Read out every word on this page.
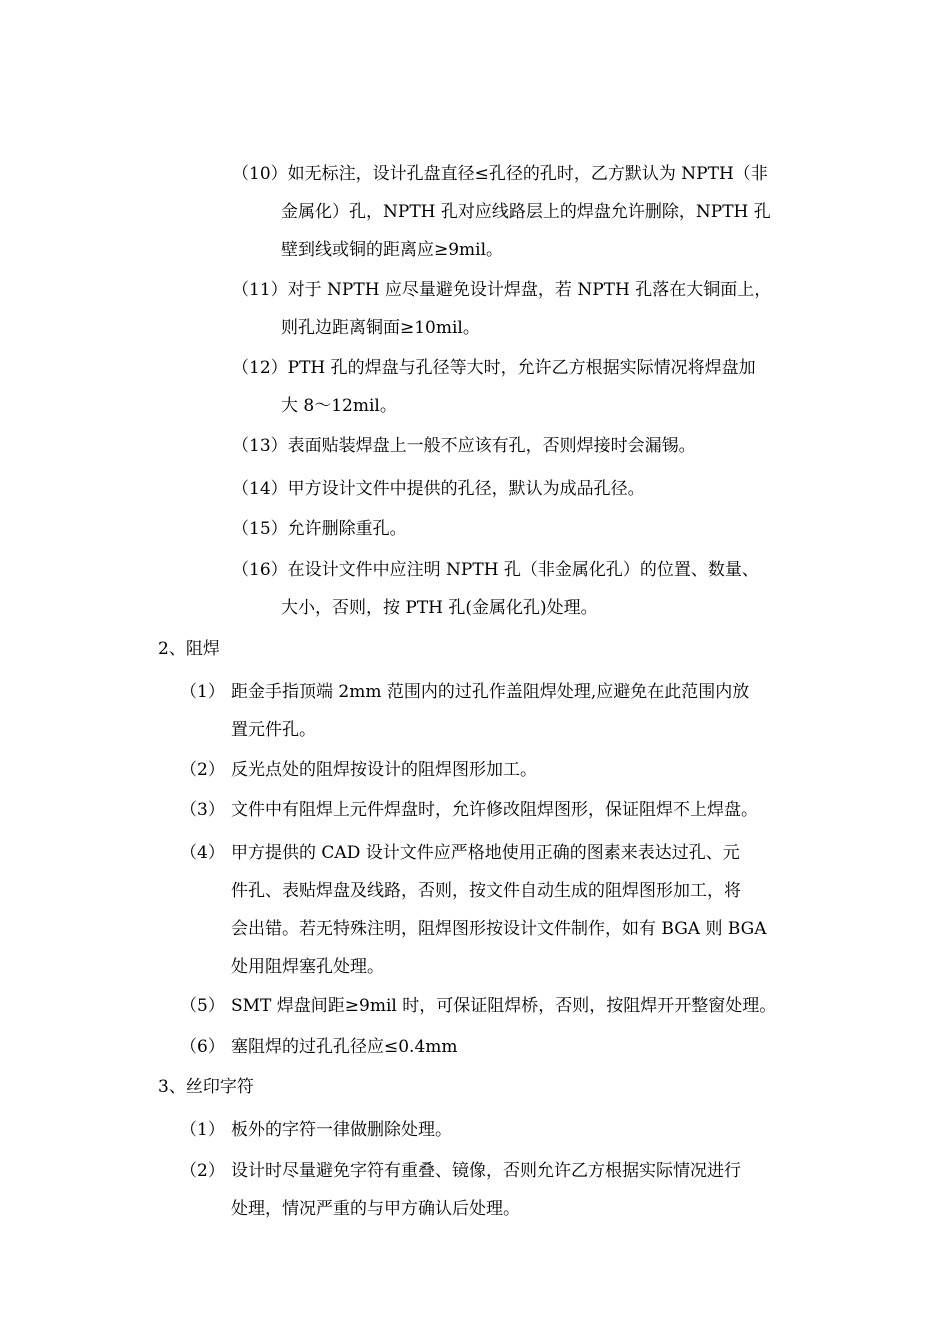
（10）如无标注，设计孔盘直径≤孔径的孔时，乙方默认为 NPTH（非
金属化）孔，NPTH 孔对应线路层上的焊盘允许删除，NPTH 孔
壁到线或铜的距离应≥9mil。
（11）对于 NPTH 应尽量避免设计焊盘，若 NPTH 孔落在大铜面上，
则孔边距离铜面≥10mil。
（12）PTH 孔的焊盘与孔径等大时，允许乙方根据实际情况将焊盘加
大 8～12mil。
（13）表面贴装焊盘上一般不应该有孔，否则焊接时会漏锡。
（14）甲方设计文件中提供的孔径，默认为成品孔径。
（15）允许删除重孔。
（16）在设计文件中应注明 NPTH 孔（非金属化孔）的位置、数量、
大小，否则，按 PTH 孔(金属化孔)处理。
2、阻焊
（1） 距金手指顶端 2mm 范围内的过孔作盖阻焊处理,应避免在此范围内放
置元件孔。
（2） 反光点处的阻焊按设计的阻焊图形加工。
（3） 文件中有阻焊上元件焊盘时，允许修改阻焊图形，保证阻焊不上焊盘。
（4） 甲方提供的 CAD 设计文件应严格地使用正确的图素来表达过孔、元
件孔、表贴焊盘及线路，否则，按文件自动生成的阻焊图形加工，将
会出错。若无特殊注明，阻焊图形按设计文件制作，如有 BGA 则 BGA
处用阻焊塞孔处理。
（5） SMT 焊盘间距≥9mil 时，可保证阻焊桥，否则，按阻焊开开整窗处理。
（6） 塞阻焊的过孔孔径应≤0.4mm
3、丝印字符
（1） 板外的字符一律做删除处理。
（2） 设计时尽量避免字符有重叠、镜像，否则允许乙方根据实际情况进行
处理，情况严重的与甲方确认后处理。
